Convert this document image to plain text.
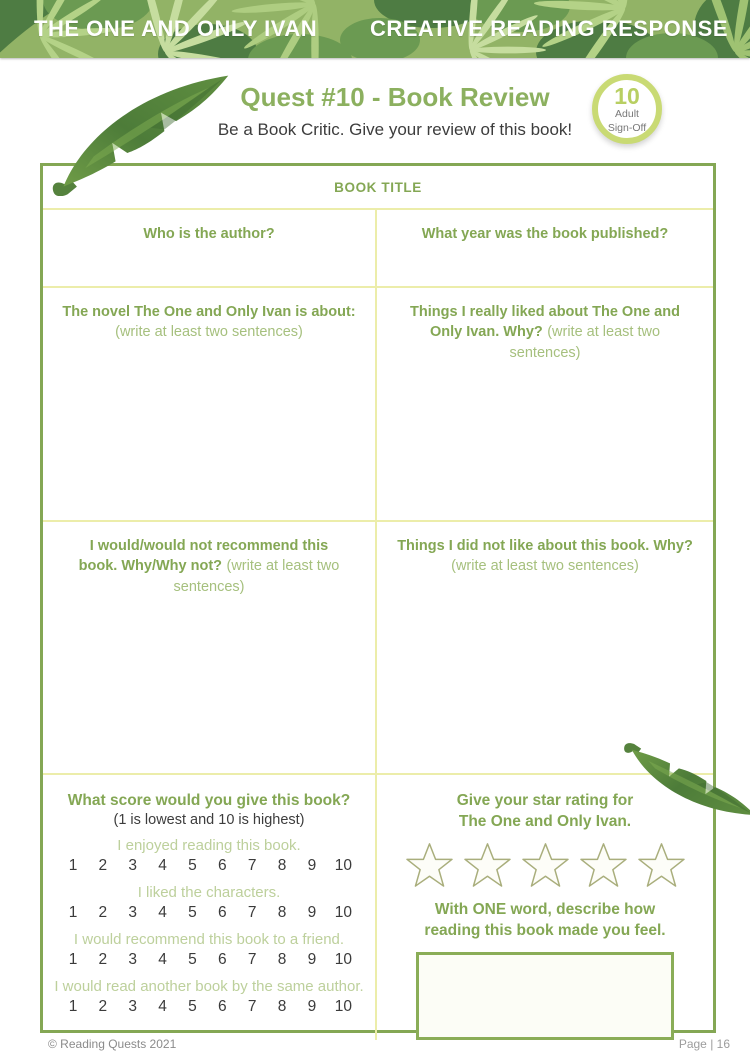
THE ONE AND ONLY IVAN CREATIVE READING RESPONSE
Quest #10 - Book Review
Be a Book Critic. Give your review of this book!
10
Adult
Sign-Off
BOOK TITLE
Who is the author?	What year was the book published?
The novel The One and Only Ivan is about:
(write at least two sentences)
Things I really liked about The One and Only Ivan. Why? (write at least two sentences)
I would/would not recommend this book. Why/Why not? (write at least two sentences)
Things I did not like about this book. Why?
(write at least two sentences)
What score would you give this book?
(1 is lowest and 10 is highest)
I enjoyed reading this book.
1 2 3 4 5 6 7 8 9 10
I liked the characters.
1 2 3 4 5 6 7 8 9 10
I would recommend this book to a friend.
1 2 3 4 5 6 7 8 9 10
I would read another book by the same author.
1 2 3 4 5 6 7 8 9 10
Give your star rating for
The One and Only Ivan.
With ONE word, describe how
reading this book made you feel.
© Reading Quests 2021	Page | 16
